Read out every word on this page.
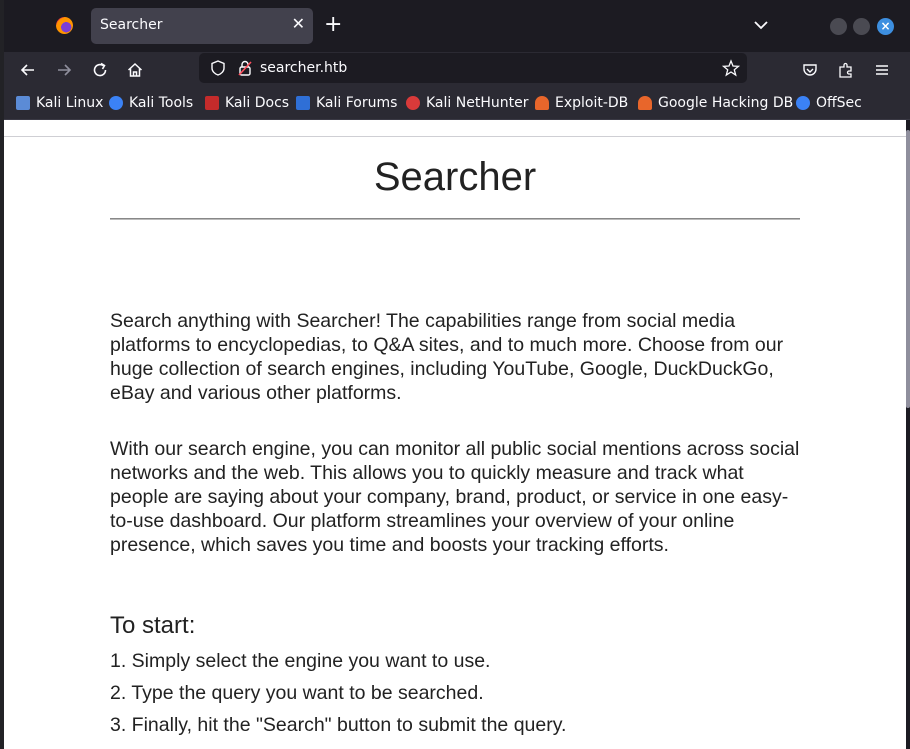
Searcher	✕ +	×
searcher.htb
Kali Linux Kali Tools Kali Docs Kali Forums Kali NetHunter Exploit-DB Google Hacking DB OffSec
Searcher
Search anything with Searcher! The capabilities range from social media platforms to encyclopedias, to Q&A sites, and to much more. Choose from our huge collection of search engines, including YouTube, Google, DuckDuckGo, eBay and various other platforms.
With our search engine, you can monitor all public social mentions across social networks and the web. This allows you to quickly measure and track what people are saying about your company, brand, product, or service in one easy-to-use dashboard. Our platform streamlines your overview of your online presence, which saves you time and boosts your tracking efforts.
To start:
1. Simply select the engine you want to use.
2. Type the query you want to be searched.
3. Finally, hit the "Search" button to submit the query.
